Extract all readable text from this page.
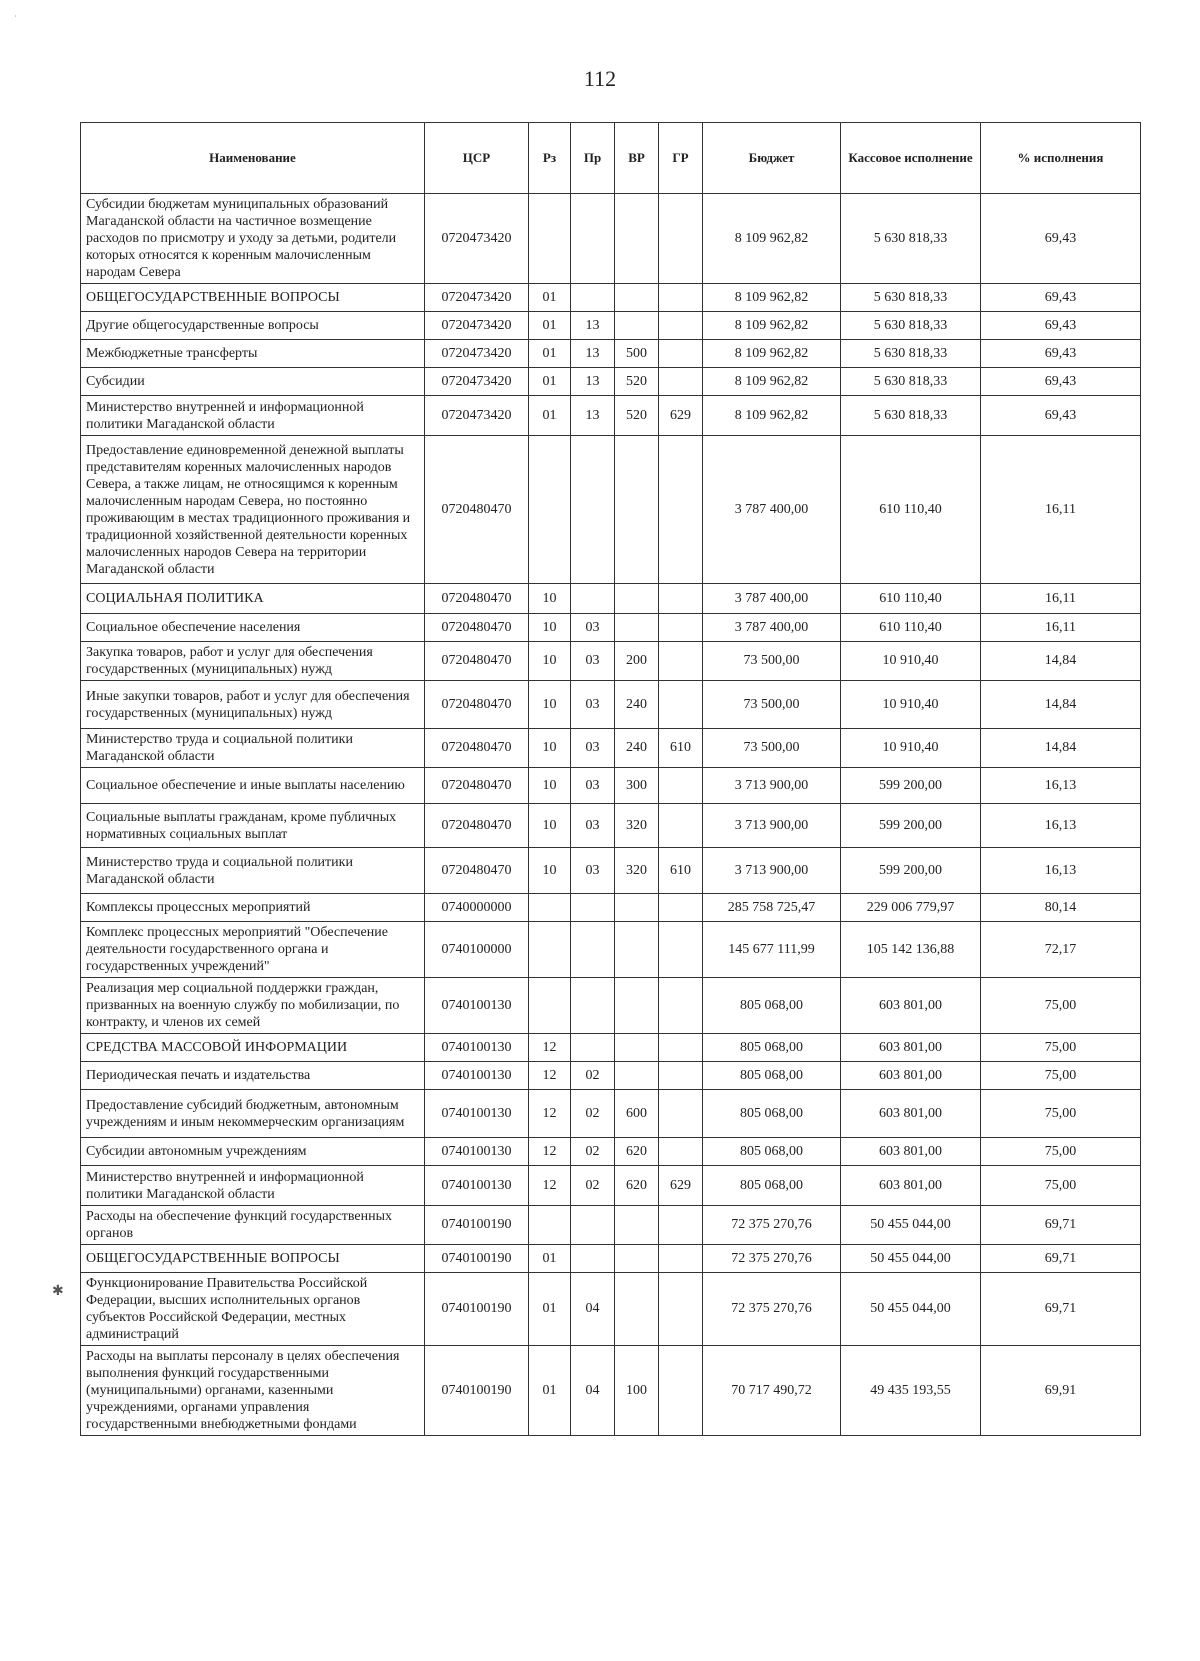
·
112
Наименование	ЦСР	Рз	Пр	ВР	ГР	Бюджет	Кассовое исполнение	% исполнения
Субсидии бюджетам муниципальных образований Магаданской области на частичное возмещение расходов по присмотру и уходу за детьми, родители которых относятся к коренным малочисленным народам Севера	0720473420					8 109 962,82	5 630 818,33	69,43
ОБЩЕГОСУДАРСТВЕННЫЕ ВОПРОСЫ	0720473420	01				8 109 962,82	5 630 818,33	69,43
Другие общегосударственные вопросы	0720473420	01	13			8 109 962,82	5 630 818,33	69,43
Межбюджетные трансферты	0720473420	01	13	500		8 109 962,82	5 630 818,33	69,43
Субсидии	0720473420	01	13	520		8 109 962,82	5 630 818,33	69,43
Министерство внутренней и информационной политики Магаданской области	0720473420	01	13	520	629	8 109 962,82	5 630 818,33	69,43
Предоставление единовременной денежной выплаты представителям коренных малочисленных народов Севера, а также лицам, не относящимся к коренным малочисленным народам Севера, но постоянно проживающим в местах традиционного проживания и традиционной хозяйственной деятельности коренных малочисленных народов Севера на территории Магаданской области	0720480470					3 787 400,00	610 110,40	16,11
СОЦИАЛЬНАЯ ПОЛИТИКА	0720480470	10				3 787 400,00	610 110,40	16,11
Социальное обеспечение населения	0720480470	10	03			3 787 400,00	610 110,40	16,11
Закупка товаров, работ и услуг для обеспечения государственных (муниципальных) нужд	0720480470	10	03	200		73 500,00	10 910,40	14,84
Иные закупки товаров, работ и услуг для обеспечения государственных (муниципальных) нужд	0720480470	10	03	240		73 500,00	10 910,40	14,84
Министерство труда и социальной политики Магаданской области	0720480470	10	03	240	610	73 500,00	10 910,40	14,84
Социальное обеспечение и иные выплаты населению	0720480470	10	03	300		3 713 900,00	599 200,00	16,13
Социальные выплаты гражданам, кроме публичных нормативных социальных выплат	0720480470	10	03	320		3 713 900,00	599 200,00	16,13
Министерство труда и социальной политики Магаданской области	0720480470	10	03	320	610	3 713 900,00	599 200,00	16,13
Комплексы процессных мероприятий	0740000000					285 758 725,47	229 006 779,97	80,14
Комплекс процессных мероприятий "Обеспечение деятельности государственного органа и государственных учреждений"	0740100000					145 677 111,99	105 142 136,88	72,17
Реализация мер социальной поддержки граждан, призванных на военную службу по мобилизации, по контракту, и членов их семей	0740100130					805 068,00	603 801,00	75,00
СРЕДСТВА МАССОВОЙ ИНФОРМАЦИИ	0740100130	12				805 068,00	603 801,00	75,00
Периодическая печать и издательства	0740100130	12	02			805 068,00	603 801,00	75,00
Предоставление субсидий бюджетным, автономным учреждениям и иным некоммерческим организациям	0740100130	12	02	600		805 068,00	603 801,00	75,00
Субсидии автономным учреждениям	0740100130	12	02	620		805 068,00	603 801,00	75,00
Министерство внутренней и информационной политики Магаданской области	0740100130	12	02	620	629	805 068,00	603 801,00	75,00
Расходы на обеспечение функций государственных органов	0740100190					72 375 270,76	50 455 044,00	69,71
ОБЩЕГОСУДАРСТВЕННЫЕ ВОПРОСЫ	0740100190	01				72 375 270,76	50 455 044,00	69,71
Функционирование Правительства Российской Федерации, высших исполнительных органов субъектов Российской Федерации, местных администраций	0740100190	01	04			72 375 270,76	50 455 044,00	69,71
Расходы на выплаты персоналу в целях обеспечения выполнения функций государственными (муниципальными) органами, казенными учреждениями, органами управления государственными внебюджетными фондами	0740100190	01	04	100		70 717 490,72	49 435 193,55	69,91
✱
